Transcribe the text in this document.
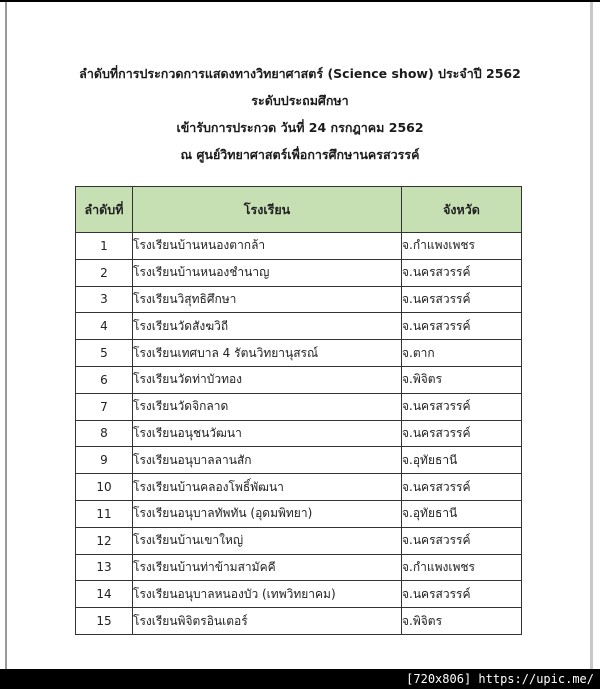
ลำดับที่การประกวดการแสดงทางวิทยาศาสตร์ (Science show) ประจำปี 2562
ระดับประถมศึกษา
เข้ารับการประกวด วันที่ 24 กรกฎาคม 2562
ณ ศูนย์วิทยาศาสตร์เพื่อการศึกษานครสวรรค์
ลำดับที่	โรงเรียน	จังหวัด
1	โรงเรียนบ้านหนองตากล้า	จ.กำแพงเพชร
2	โรงเรียนบ้านหนองชำนาญ	จ.นครสวรรค์
3	โรงเรียนวิสุทธิศึกษา	จ.นครสวรรค์
4	โรงเรียนวัดสังฆวิถี	จ.นครสวรรค์
5	โรงเรียนเทศบาล 4 รัตนวิทยานุสรณ์	จ.ตาก
6	โรงเรียนวัดท่าบัวทอง	จ.พิจิตร
7	โรงเรียนวัดจิกลาด	จ.นครสวรรค์
8	โรงเรียนอนุชนวัฒนา	จ.นครสวรรค์
9	โรงเรียนอนุบาลลานสัก	จ.อุทัยธานี
10	โรงเรียนบ้านคลองโพธิ์พัฒนา	จ.นครสวรรค์
11	โรงเรียนอนุบาลทัพทัน (อุดมพิทยา)	จ.อุทัยธานี
12	โรงเรียนบ้านเขาใหญ่	จ.นครสวรรค์
13	โรงเรียนบ้านท่าข้ามสามัคคี	จ.กำแพงเพชร
14	โรงเรียนอนุบาลหนองบัว (เทพวิทยาคม)	จ.นครสวรรค์
15	โรงเรียนพิจิตรอินเตอร์	จ.พิจิตร
[720x806] https://upic.me/
